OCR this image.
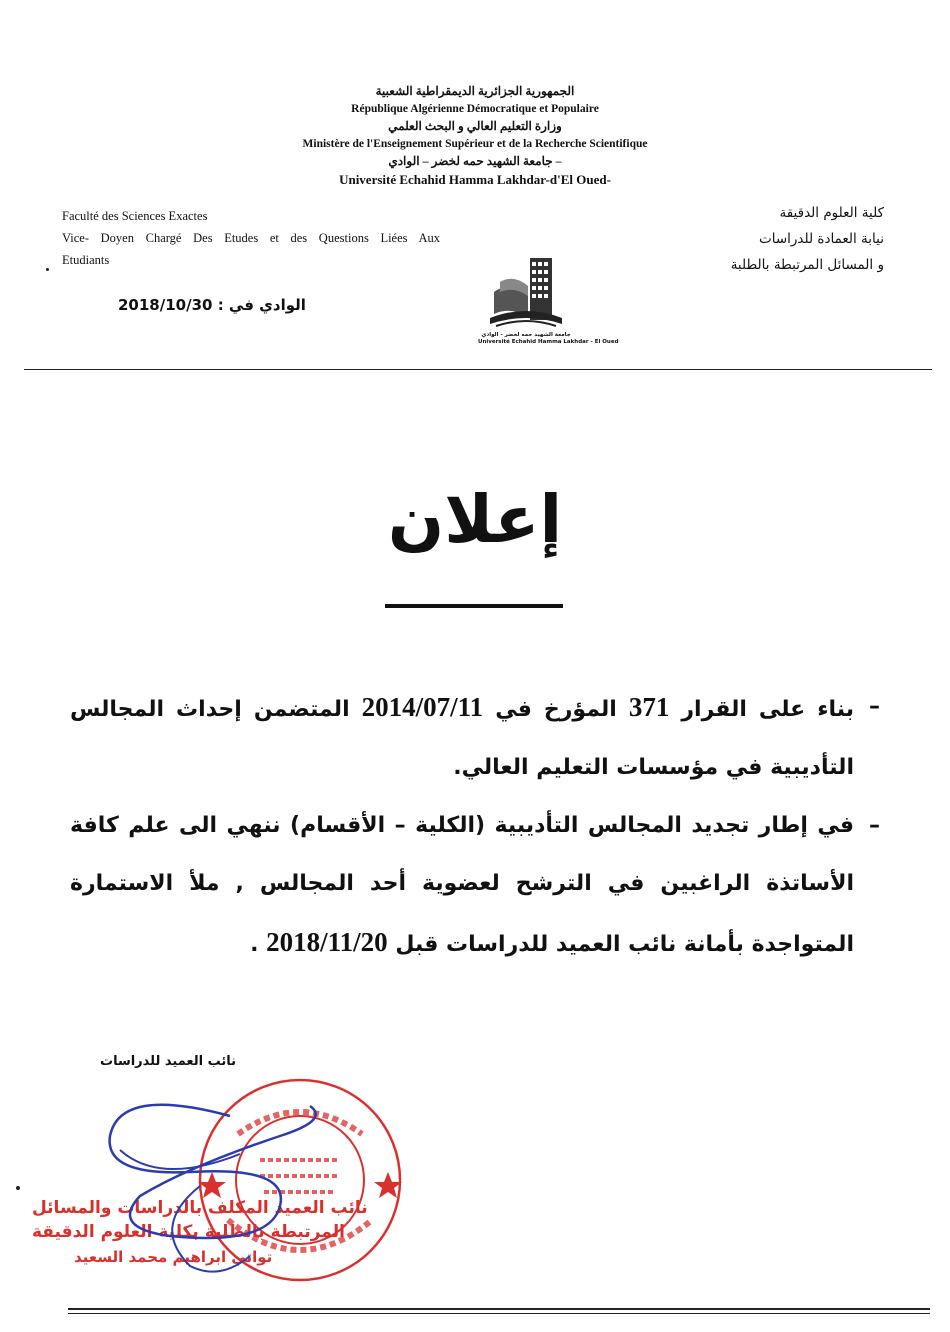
الجمهورية الجزائرية الديمقراطية الشعبية
République Algérienne Démocratique et Populaire
وزارة التعليم العالي و البحث العلمي
Ministère de l'Enseignement Supérieur et de la Recherche Scientifique
جامعة الشهيد حمه لخضر – الوادي –
Université Echahid Hamma Lakhdar-d'El Oued-
Faculté des Sciences Exactes
Vice- Doyen Chargé Des Etudes et des Questions Liées Aux
Etudiants
كلية العلوم الدقيقة
نيابة العمادة للدراسات
و المسائل المرتبطة بالطلبة
الوادي في : 2018/10/30
جامعة الشهيد حمه لخضر - الوادي
Université Echahid Hamma Lakhdar - El Oued
إعلان
–
بناء على القرار 371 المؤرخ في 2014/07/11 المتضمن إحداث المجالس التأديبية في مؤسسات التعليم العالي.
–
في إطار تجديد المجالس التأديبية (الكلية – الأقسام) ننهي الى علم كافة الأساتذة الراغبين في الترشح لعضوية أحد المجالس , ملأ الاستمارة المتواجدة بأمانة نائب العميد للدراسات قبل 2018/11/20 .
نائب العميد للدراسات
نائب العميد المكلف بالدراسات والمسائل
المرتبطة بالطلبة بكلية العلوم الدقيقة
تواتي ابراهيم محمد السعيد
